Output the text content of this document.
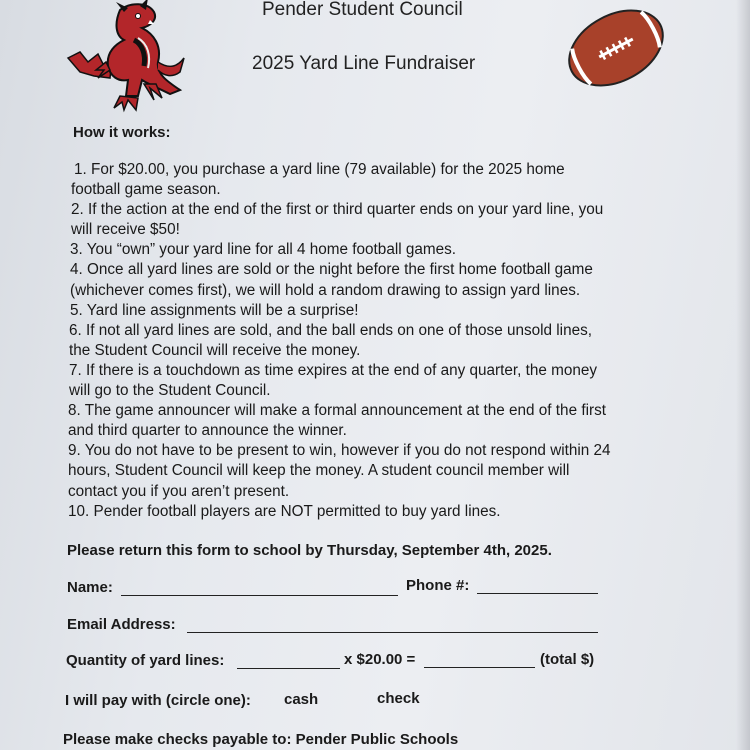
Pender Student Council
2025 Yard Line Fundraiser
How it works:
1. For $20.00, you purchase a yard line (79 available) for the 2025 home
football game season.
2. If the action at the end of the first or third quarter ends on your yard line, you
will receive $50!
3. You “own” your yard line for all 4 home football games.
4. Once all yard lines are sold or the night before the first home football game
(whichever comes first), we will hold a random drawing to assign yard lines.
5. Yard line assignments will be a surprise!
6. If not all yard lines are sold, and the ball ends on one of those unsold lines,
the Student Council will receive the money.
7. If there is a touchdown as time expires at the end of any quarter, the money
will go to the Student Council.
8. The game announcer will make a formal announcement at the end of the first
and third quarter to announce the winner.
9. You do not have to be present to win, however if you do not respond within 24
hours, Student Council will keep the money. A student council member will
contact you if you aren’t present.
10. Pender football players are NOT permitted to buy yard lines.
Please return this form to school by Thursday, September 4th, 2025.
Name:	Phone #:
Email Address:
Quantity of yard lines:	x $20.00 =	(total $)
I will pay with (circle one): cash	check
Please make checks payable to: Pender Public Schools
